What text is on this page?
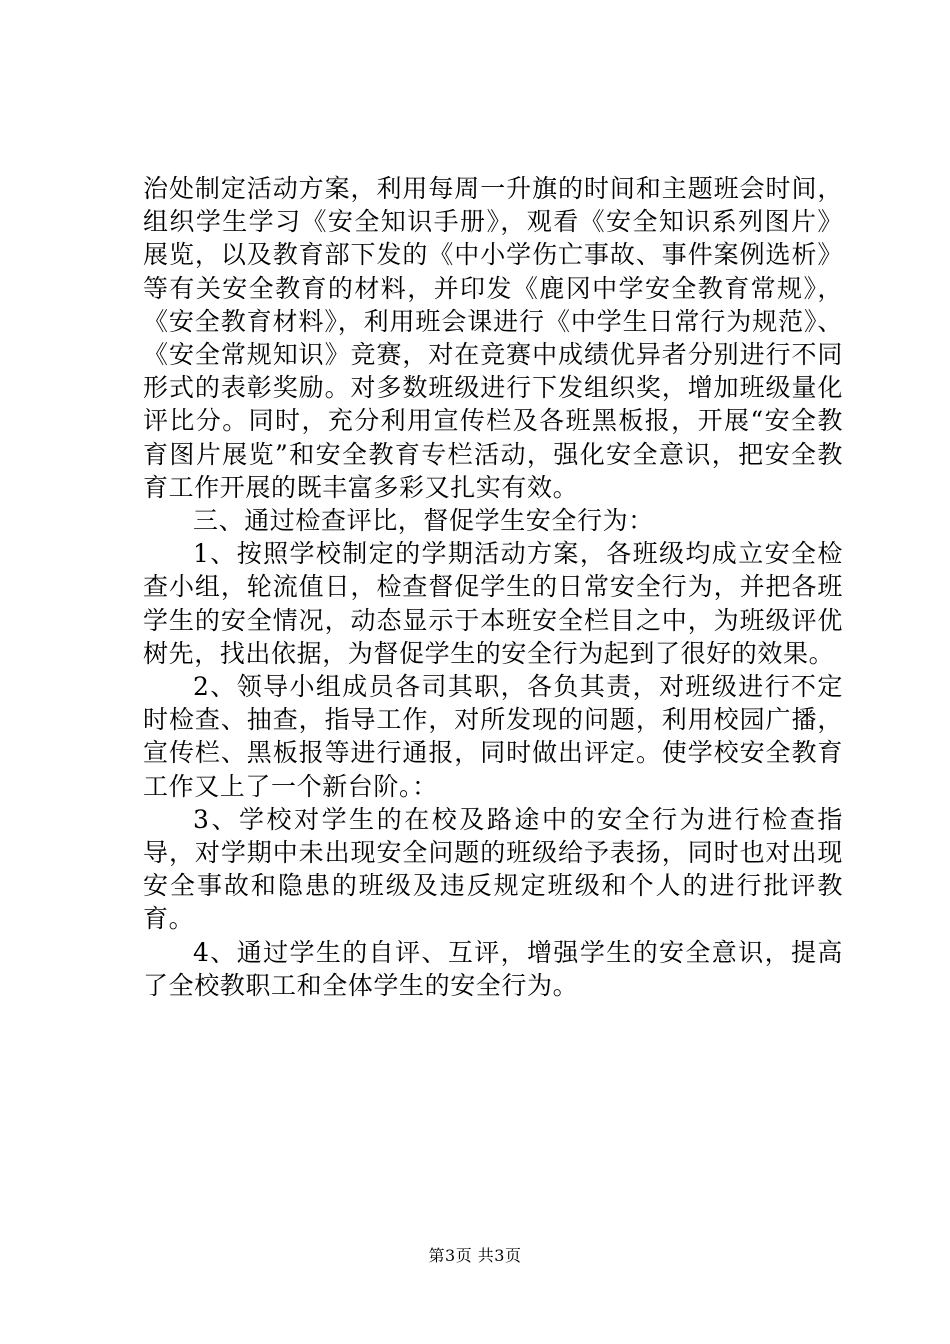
治处制定活动方案，利用每周一升旗的时间和主题班会时间，组织学生学习《安全知识手册》，观看《安全知识系列图片》展览，以及教育部下发的《中小学伤亡事故、事件案例选析》等有关安全教育的材料，并印发《鹿冈中学安全教育常规》，《安全教育材料》，利用班会课进行《中学生日常行为规范》、《安全常规知识》竞赛，对在竞赛中成绩优异者分别进行不同形式的表彰奖励。对多数班级进行下发组织奖，增加班级量化评比分。同时，充分利用宣传栏及各班黑板报，开展“安全教育图片展览”和安全教育专栏活动，强化安全意识，把安全教育工作开展的既丰富多彩又扎实有效。

三、通过检查评比，督促学生安全行为：

1、按照学校制定的学期活动方案，各班级均成立安全检查小组，轮流值日，检查督促学生的日常安全行为，并把各班学生的安全情况，动态显示于本班安全栏目之中，为班级评优树先，找出依据，为督促学生的安全行为起到了很好的效果。

2、领导小组成员各司其职，各负其责，对班级进行不定时检查、抽查，指导工作，对所发现的问题，利用校园广播，宣传栏、黑板报等进行通报，同时做出评定。使学校安全教育工作又上了一个新台阶。：

3、学校对学生的在校及路途中的安全行为进行检查指导，对学期中未出现安全问题的班级给予表扬，同时也对出现安全事故和隐患的班级及违反规定班级和个人的进行批评教育。

4、通过学生的自评、互评，增强学生的安全意识，提高了全校教职工和全体学生的安全行为。

第3页 共3页
